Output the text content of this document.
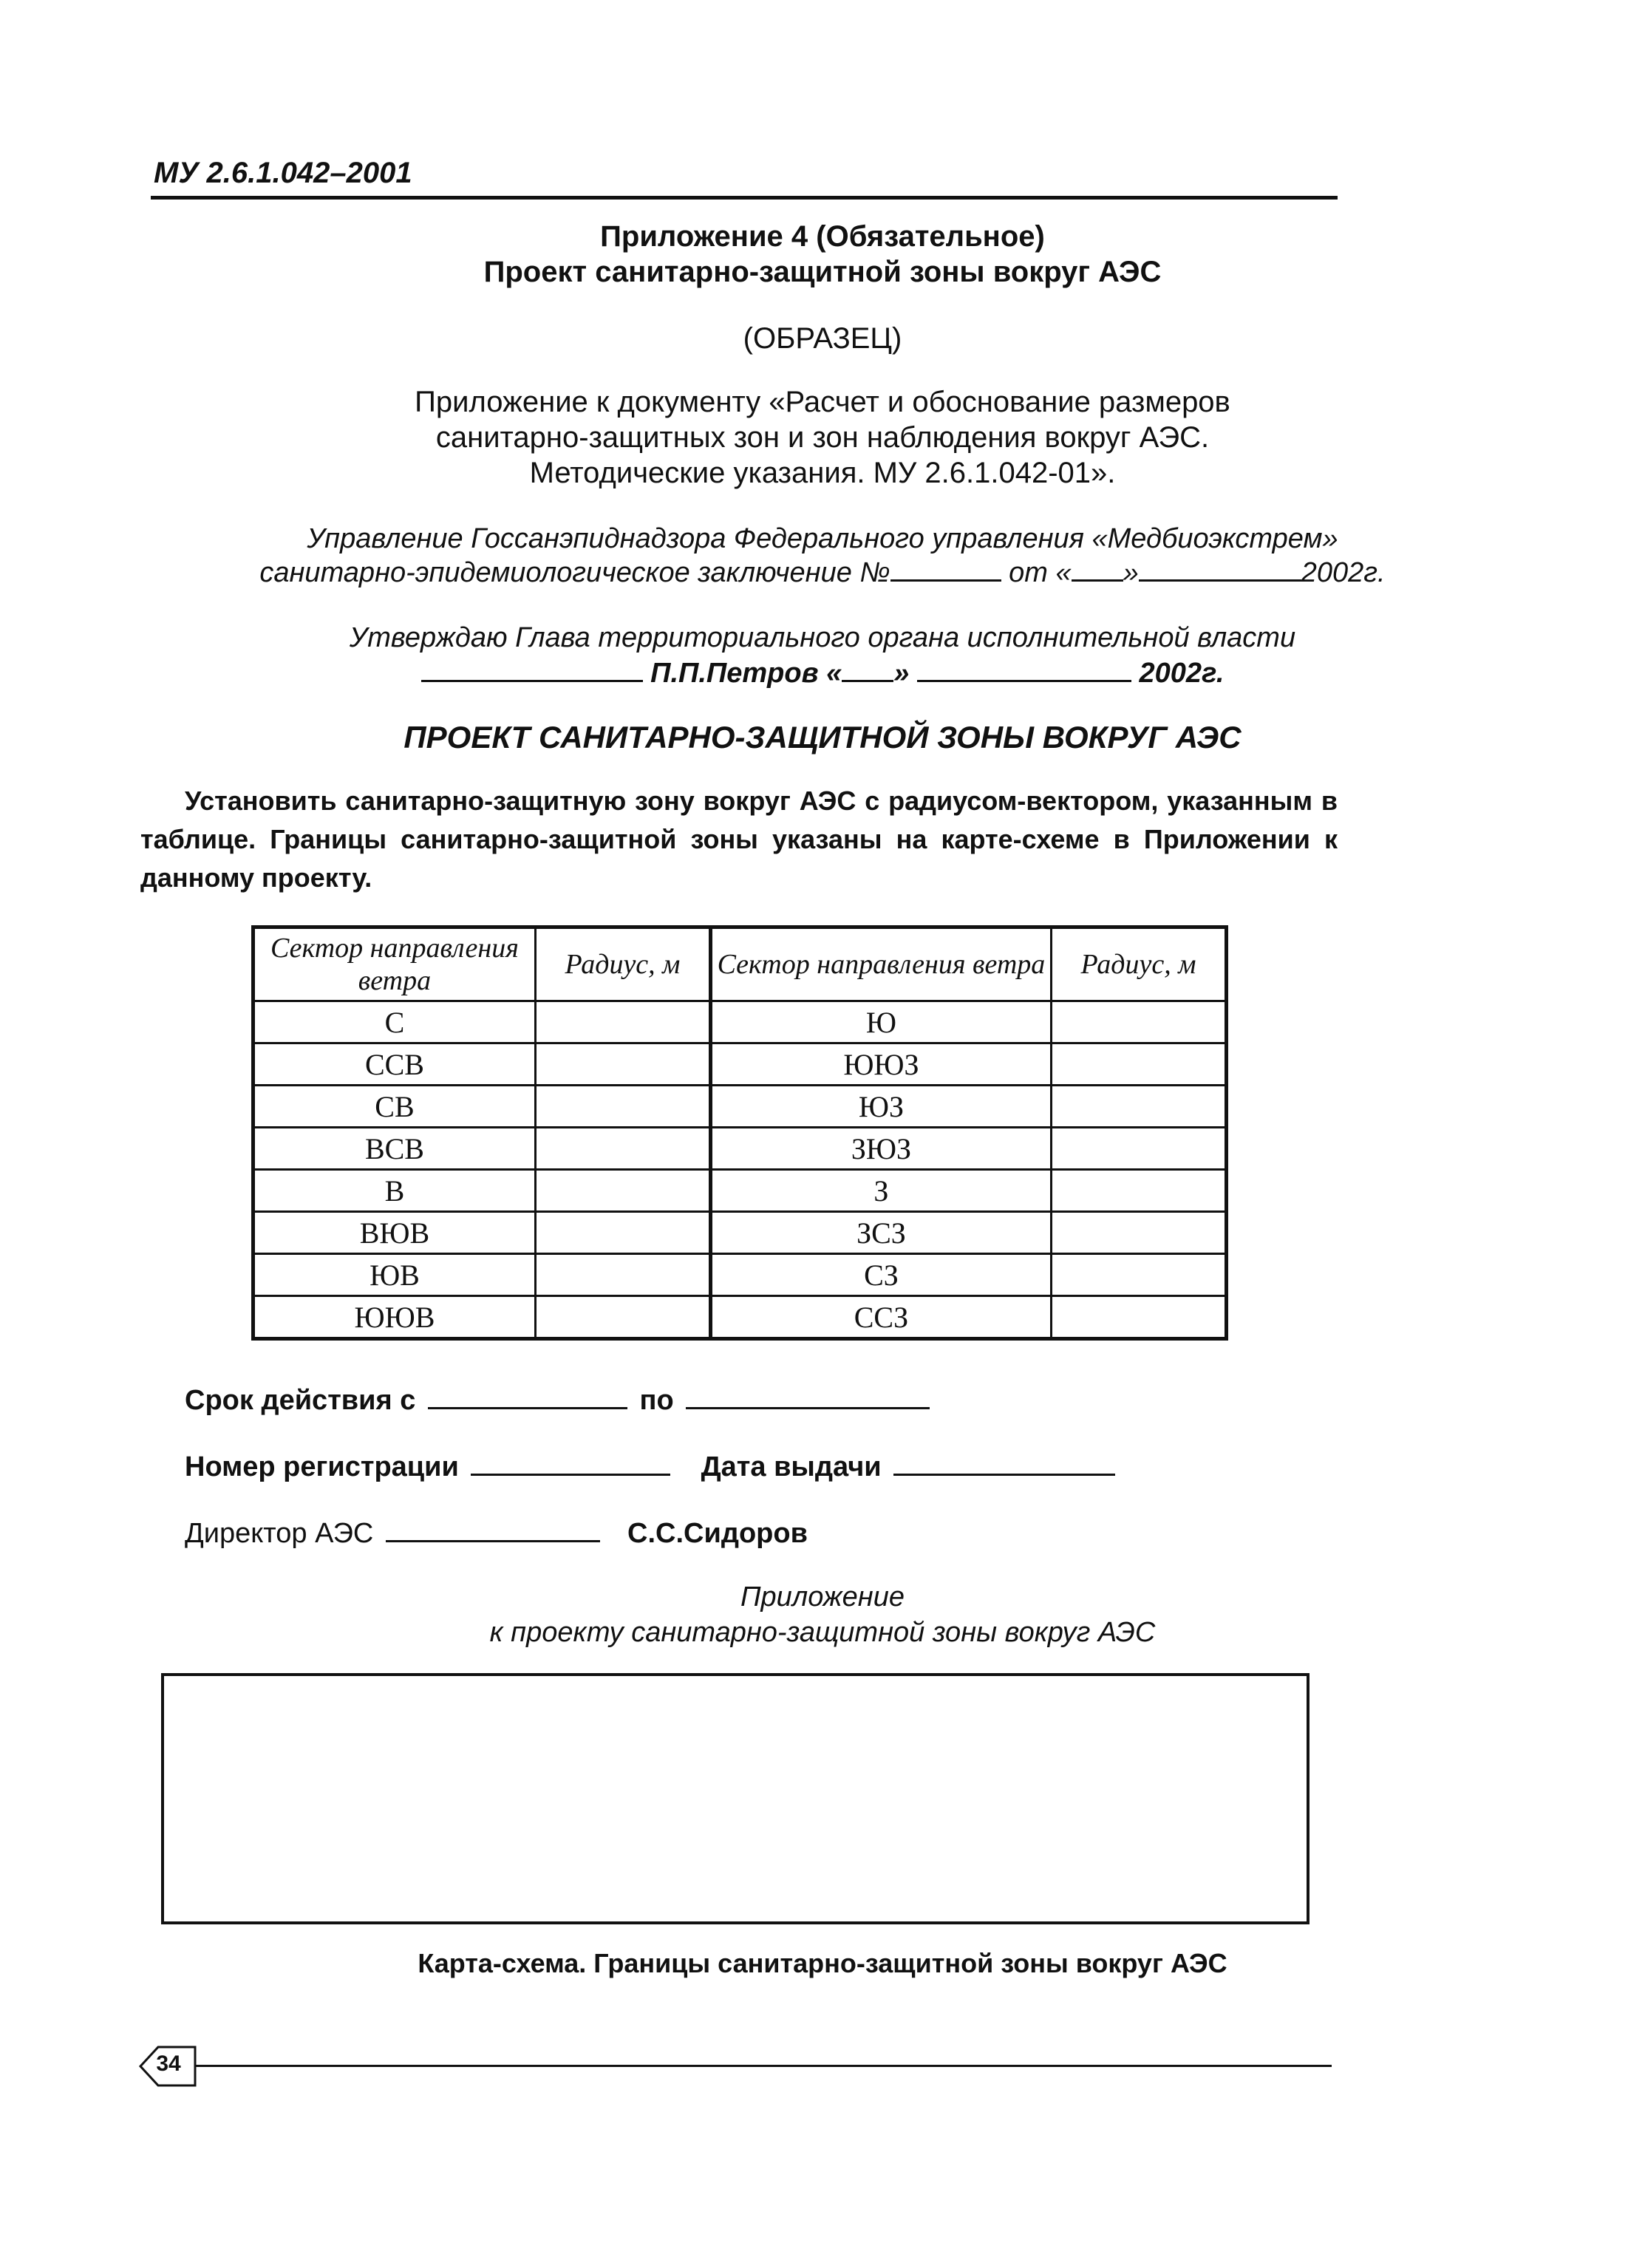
МУ 2.6.1.042–2001
Приложение 4 (Обязательное)
Проект санитарно-защитной зоны вокруг АЭС
(ОБРАЗЕЦ)
Приложение к документу «Расчет и обоснование размеров
санитарно-защитных зон и зон наблюдения вокруг АЭС.
Методические указания. МУ 2.6.1.042-01».
Управление Госсанэпиднадзора Федерального управления «Медбиоэкстрем»
санитарно-эпидемиологическое заключение №	от « »	2002г.
Утверждаю Глава территориального органа исполнительной власти
П.П.Петров « »	2002г.
ПРОЕКТ САНИТАРНО-ЗАЩИТНОЙ ЗОНЫ ВОКРУГ АЭС
Установить санитарно-защитную зону вокруг АЭС с радиусом-вектором, указанным в таблице. Границы санитарно-защитной зоны указаны на карте-схеме в Приложении к данному проекту.
Сектор направления ветра	Радиус, м	Сектор направления ветра	Радиус, м
С		Ю	
ССВ		ЮЮЗ	
СВ		ЮЗ	
ВСВ		ЗЮЗ	
В		З	
ВЮВ		ЗСЗ	
ЮВ		СЗ	
ЮЮВ		ССЗ	
Срок действия с	по
Номер регистрации	Дата выдачи
Директор АЭС	С.С.Сидоров
Приложение
к проекту санитарно-защитной зоны вокруг АЭС
Карта-схема. Границы санитарно-защитной зоны вокруг АЭС
34
